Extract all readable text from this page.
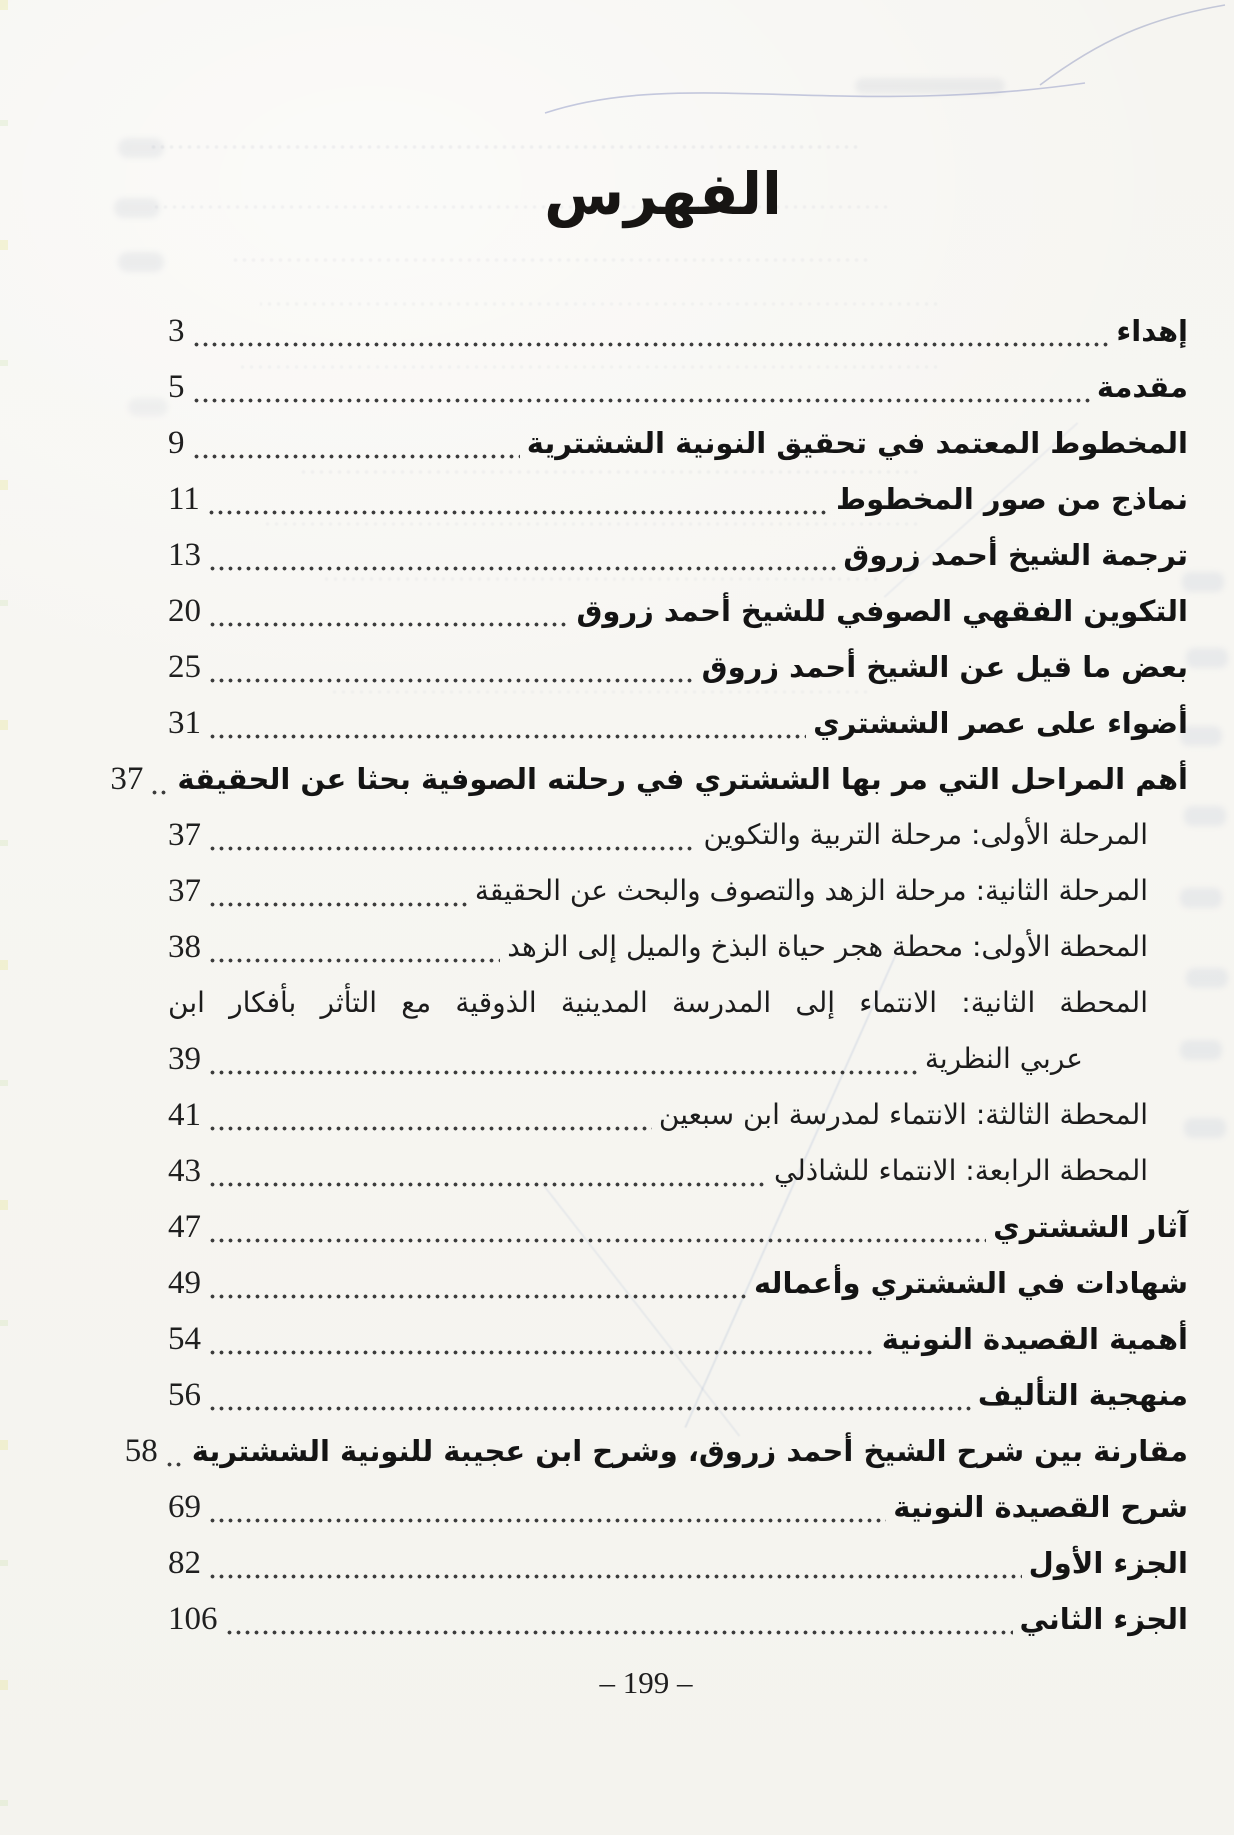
الفهرس
إهداء
3
مقدمة
5
المخطوط المعتمد في تحقيق النونية الششترية
9
نماذج من صور المخطوط
11
ترجمة الشيخ أحمد زروق
13
التكوين الفقهي الصوفي للشيخ أحمد زروق
20
بعض ما قيل عن الشيخ أحمد زروق
25
أضواء على عصر الششتري
31
أهم المراحل التي مر بها الششتري في رحلته الصوفية بحثا عن الحقيقة
37
المرحلة الأولى: مرحلة التربية والتكوين
37
المرحلة الثانية: مرحلة الزهد والتصوف والبحث عن الحقيقة
37
المحطة الأولى: محطة هجر حياة البذخ والميل إلى الزهد
38
المحطة الثانية: الانتماء إلى المدرسة المدينية الذوقية مع التأثر بأفكار ابن
عربي النظرية
39
المحطة الثالثة: الانتماء لمدرسة ابن سبعين
41
المحطة الرابعة: الانتماء للشاذلي
43
آثار الششتري
47
شهادات في الششتري وأعماله
49
أهمية القصيدة النونية
54
منهجية التأليف
56
مقارنة بين شرح الشيخ أحمد زروق، وشرح ابن عجيبة للنونية الششترية
58
شرح القصيدة النونية
69
الجزء الأول
82
الجزء الثاني
106
– 199 –
